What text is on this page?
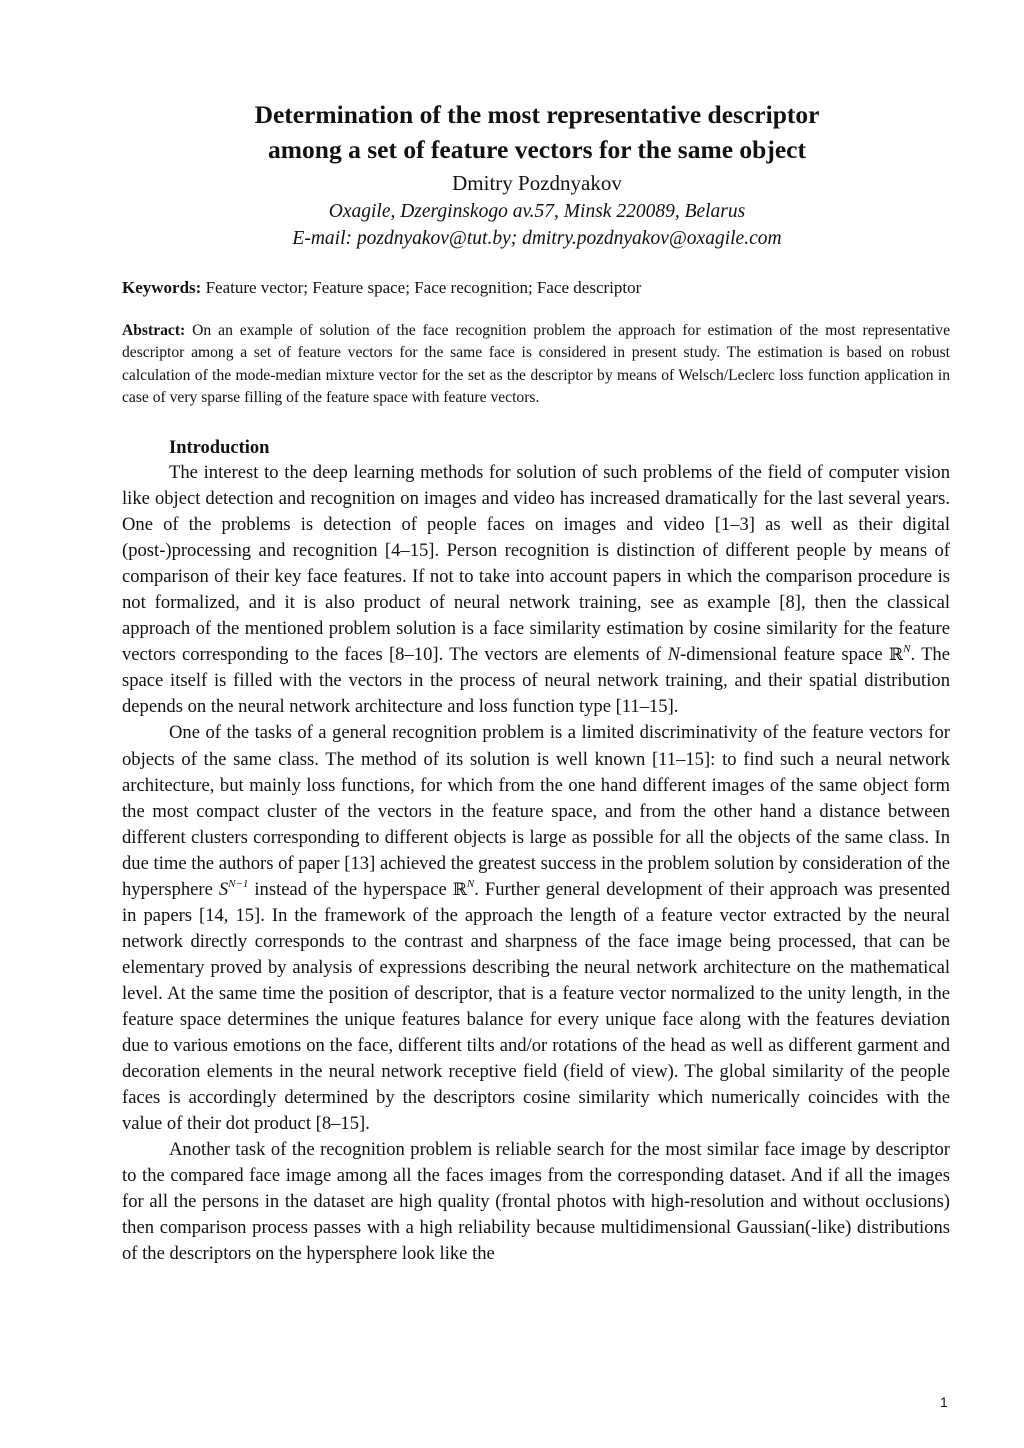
Determination of the most representative descriptor
among a set of feature vectors for the same object
Dmitry Pozdnyakov
Oxagile, Dzerginskogo av.57, Minsk 220089, Belarus
E-mail: pozdnyakov@tut.by; dmitry.pozdnyakov@oxagile.com
Keywords: Feature vector; Feature space; Face recognition; Face descriptor
Abstract: On an example of solution of the face recognition problem the approach for estimation of the most representative descriptor among a set of feature vectors for the same face is considered in present study. The estimation is based on robust calculation of the mode-median mixture vector for the set as the descriptor by means of Welsch/Leclerc loss function application in case of very sparse filling of the feature space with feature vectors.
Introduction

The interest to the deep learning methods for solution of such problems of the field of computer vision like object detection and recognition on images and video has increased dramatically for the last several years. One of the problems is detection of people faces on images and video [1–3] as well as their digital (post-)processing and recognition [4–15]. Person recognition is distinction of different people by means of comparison of their key face features. If not to take into account papers in which the comparison procedure is not formalized, and it is also product of neural network training, see as example [8], then the classical approach of the mentioned problem solution is a face similarity estimation by cosine similarity for the feature vectors corresponding to the faces [8–10]. The vectors are elements of N-dimensional feature space ℝ$^N$. The space itself is filled with the vectors in the process of neural network training, and their spatial distribution depends on the neural network architecture and loss function type [11–15].

One of the tasks of a general recognition problem is a limited discriminativity of the feature vectors for objects of the same class. The method of its solution is well known [11–15]: to find such a neural network architecture, but mainly loss functions, for which from the one hand different images of the same object form the most compact cluster of the vectors in the feature space, and from the other hand a distance between different clusters corresponding to different objects is large as possible for all the objects of the same class. In due time the authors of paper [13] achieved the greatest success in the problem solution by consideration of the hypersphere $S^{N-1}$ instead of the hyperspace ℝ$^N$. Further general development of their approach was presented in papers [14, 15]. In the framework of the approach the length of a feature vector extracted by the neural network directly corresponds to the contrast and sharpness of the face image being processed, that can be elementary proved by analysis of expressions describing the neural network architecture on the mathematical level. At the same time the position of descriptor, that is a feature vector normalized to the unity length, in the feature space determines the unique features balance for every unique face along with the features deviation due to various emotions on the face, different tilts and/or rotations of the head as well as different garment and decoration elements in the neural network receptive field (field of view). The global similarity of the people faces is accordingly determined by the descriptors cosine similarity which numerically coincides with the value of their dot product [8–15].

Another task of the recognition problem is reliable search for the most similar face image by descriptor to the compared face image among all the faces images from the corresponding dataset. And if all the images for all the persons in the dataset are high quality (frontal photos with high-resolution and without occlusions) then comparison process passes with a high reliability because multidimensional Gaussian(-like) distributions of the descriptors on the hypersphere look like the

1
